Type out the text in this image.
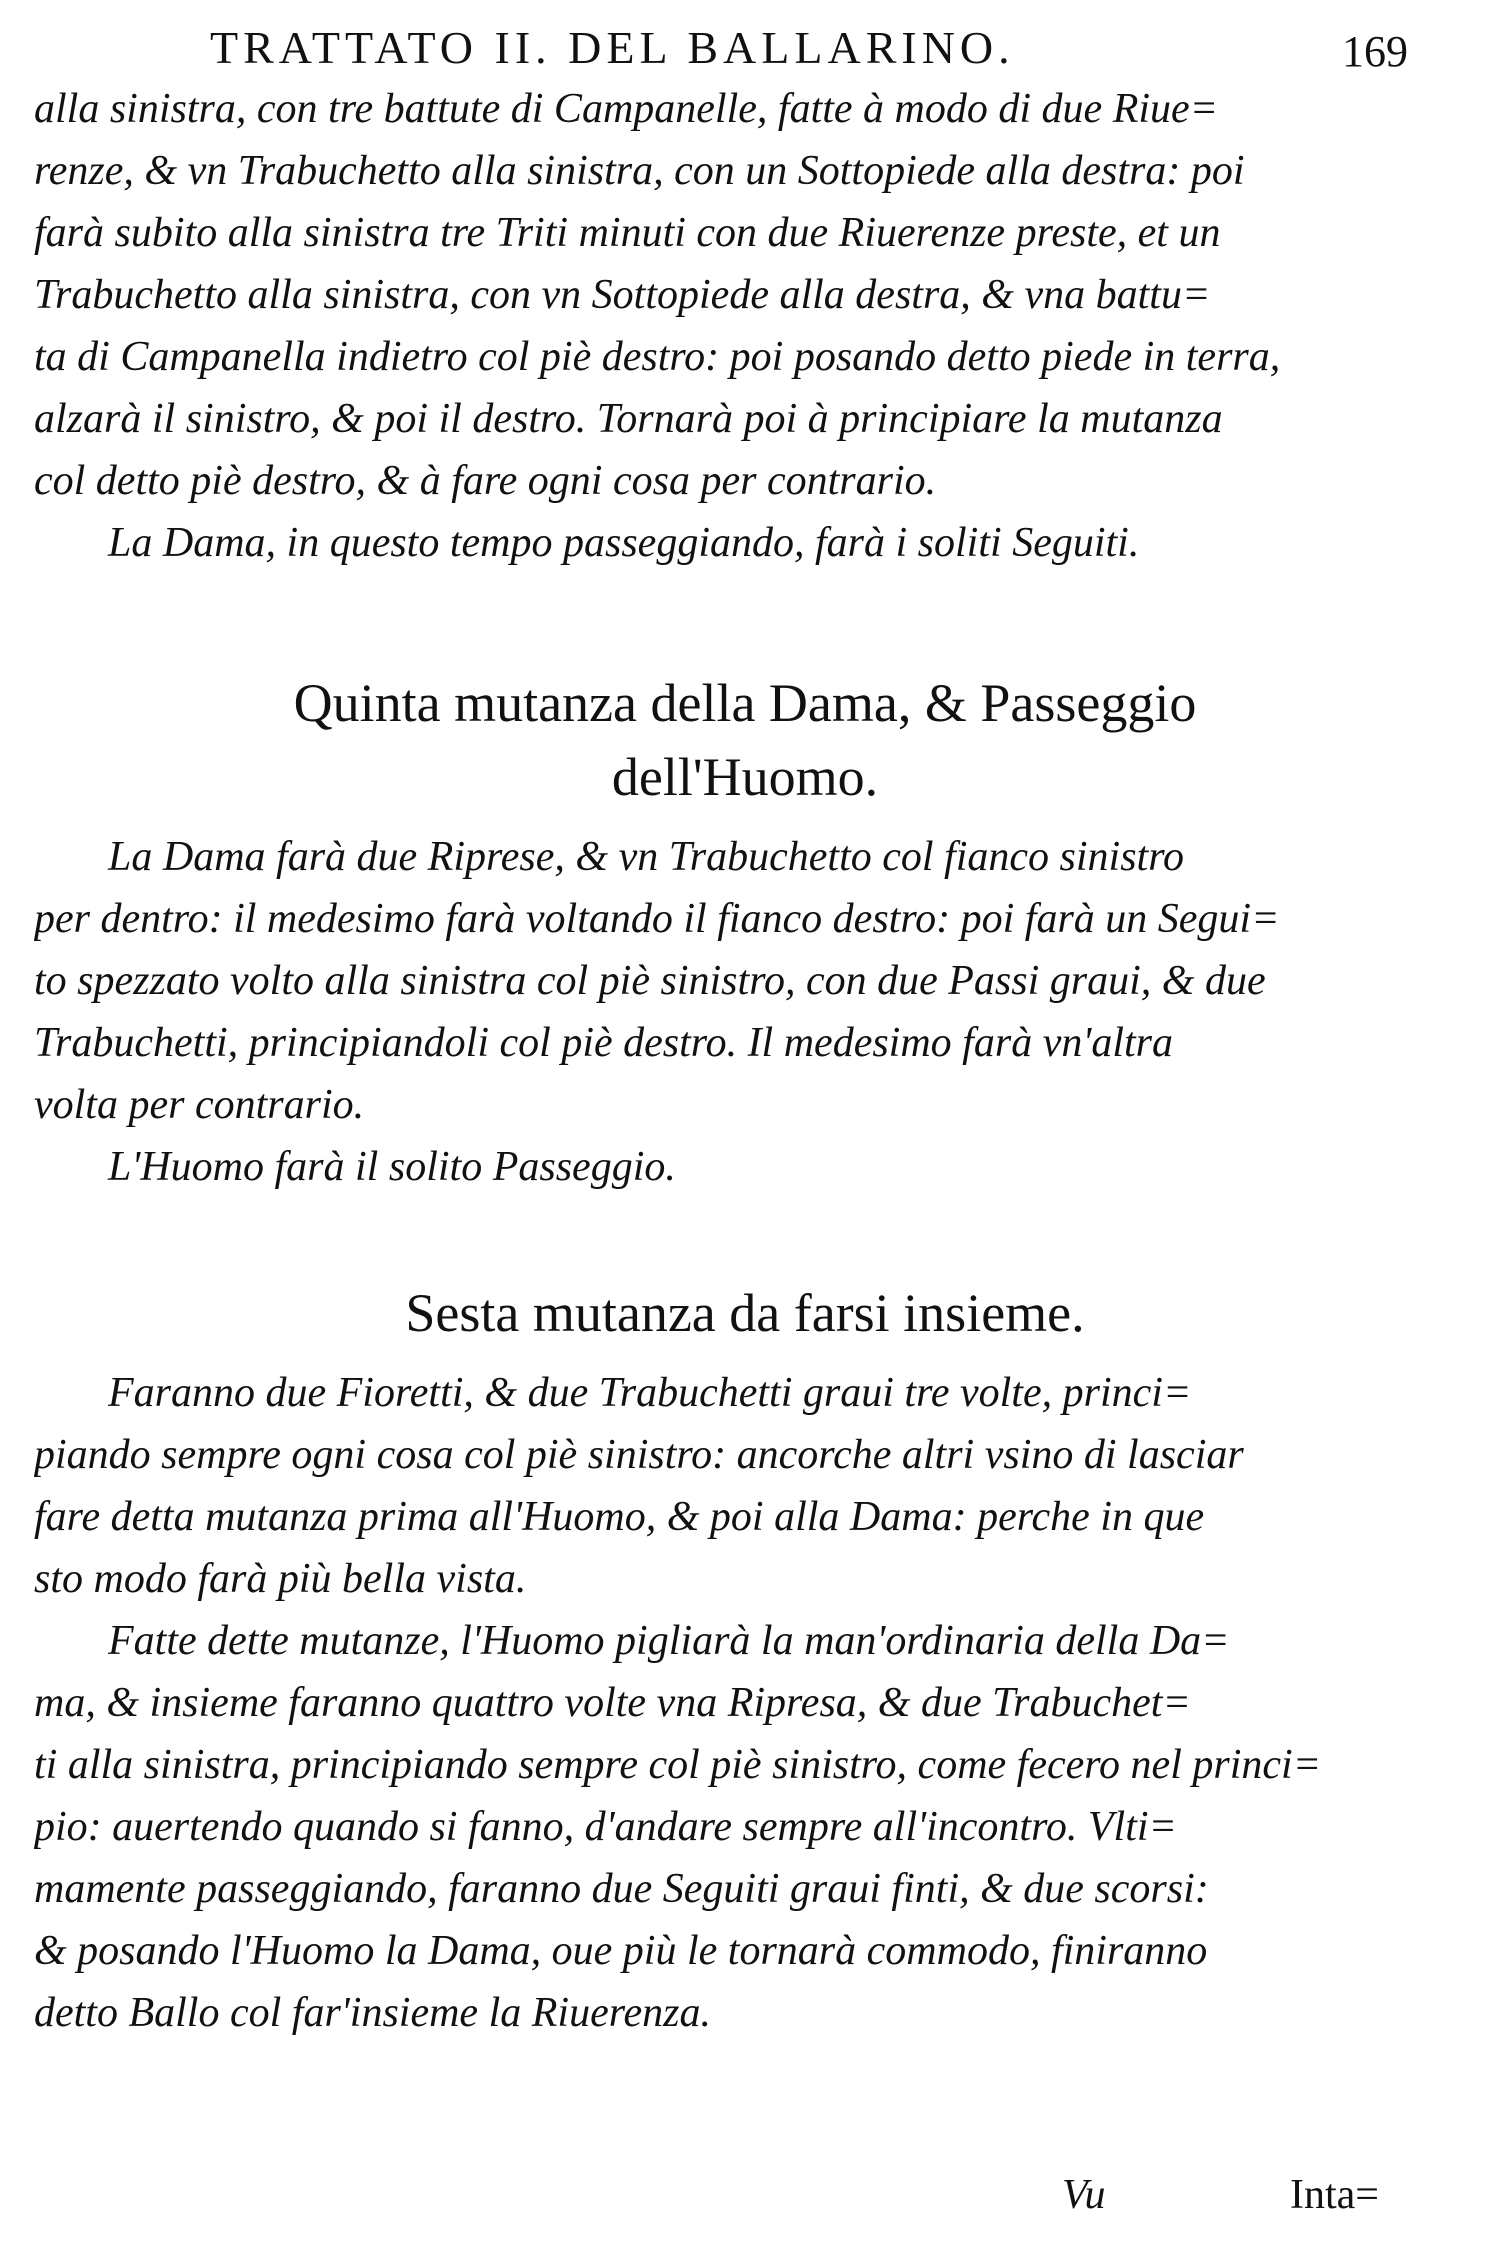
TRATTATO II. DEL BALLARINO.	169
alla sinistra, con tre battute di Campanelle, fatte à modo di due Riue=
renze, & vn Trabuchetto alla sinistra, con un Sottopiede alla destra: poi
farà subito alla sinistra tre Triti minuti con due Riuerenze preste, et un
Trabuchetto alla sinistra, con vn Sottopiede alla destra, & vna battu=
ta di Campanella indietro col piè destro: poi posando detto piede in terra,
alzarà il sinistro, & poi il destro. Tornarà poi à principiare la mutanza
col detto piè destro, & à fare ogni cosa per contrario.
La Dama, in questo tempo passeggiando, farà i soliti Seguiti.
Quinta mutanza della Dama, & Passeggio
dell'Huomo.
La Dama farà due Riprese, & vn Trabuchetto col fianco sinistro
per dentro: il medesimo farà voltando il fianco destro: poi farà un Segui=
to spezzato volto alla sinistra col piè sinistro, con due Passi graui, & due
Trabuchetti, principiandoli col piè destro. Il medesimo farà vn'altra
volta per contrario.
L'Huomo farà il solito Passeggio.
Sesta mutanza da farsi insieme.
Faranno due Fioretti, & due Trabuchetti graui tre volte, princi=
piando sempre ogni cosa col piè sinistro: ancorche altri vsino di lasciar
fare detta mutanza prima all'Huomo, & poi alla Dama: perche in que
sto modo farà più bella vista.
Fatte dette mutanze, l'Huomo pigliarà la man'ordinaria della Da=
ma, & insieme faranno quattro volte vna Ripresa, & due Trabuchet=
ti alla sinistra, principiando sempre col piè sinistro, come fecero nel princi=
pio: auertendo quando si fanno, d'andare sempre all'incontro. Vlti=
mamente passeggiando, faranno due Seguiti graui finti, & due scorsi:
& posando l'Huomo la Dama, oue più le tornarà commodo, finiranno
detto Ballo col far'insieme la Riuerenza.
Vu	Inta=
